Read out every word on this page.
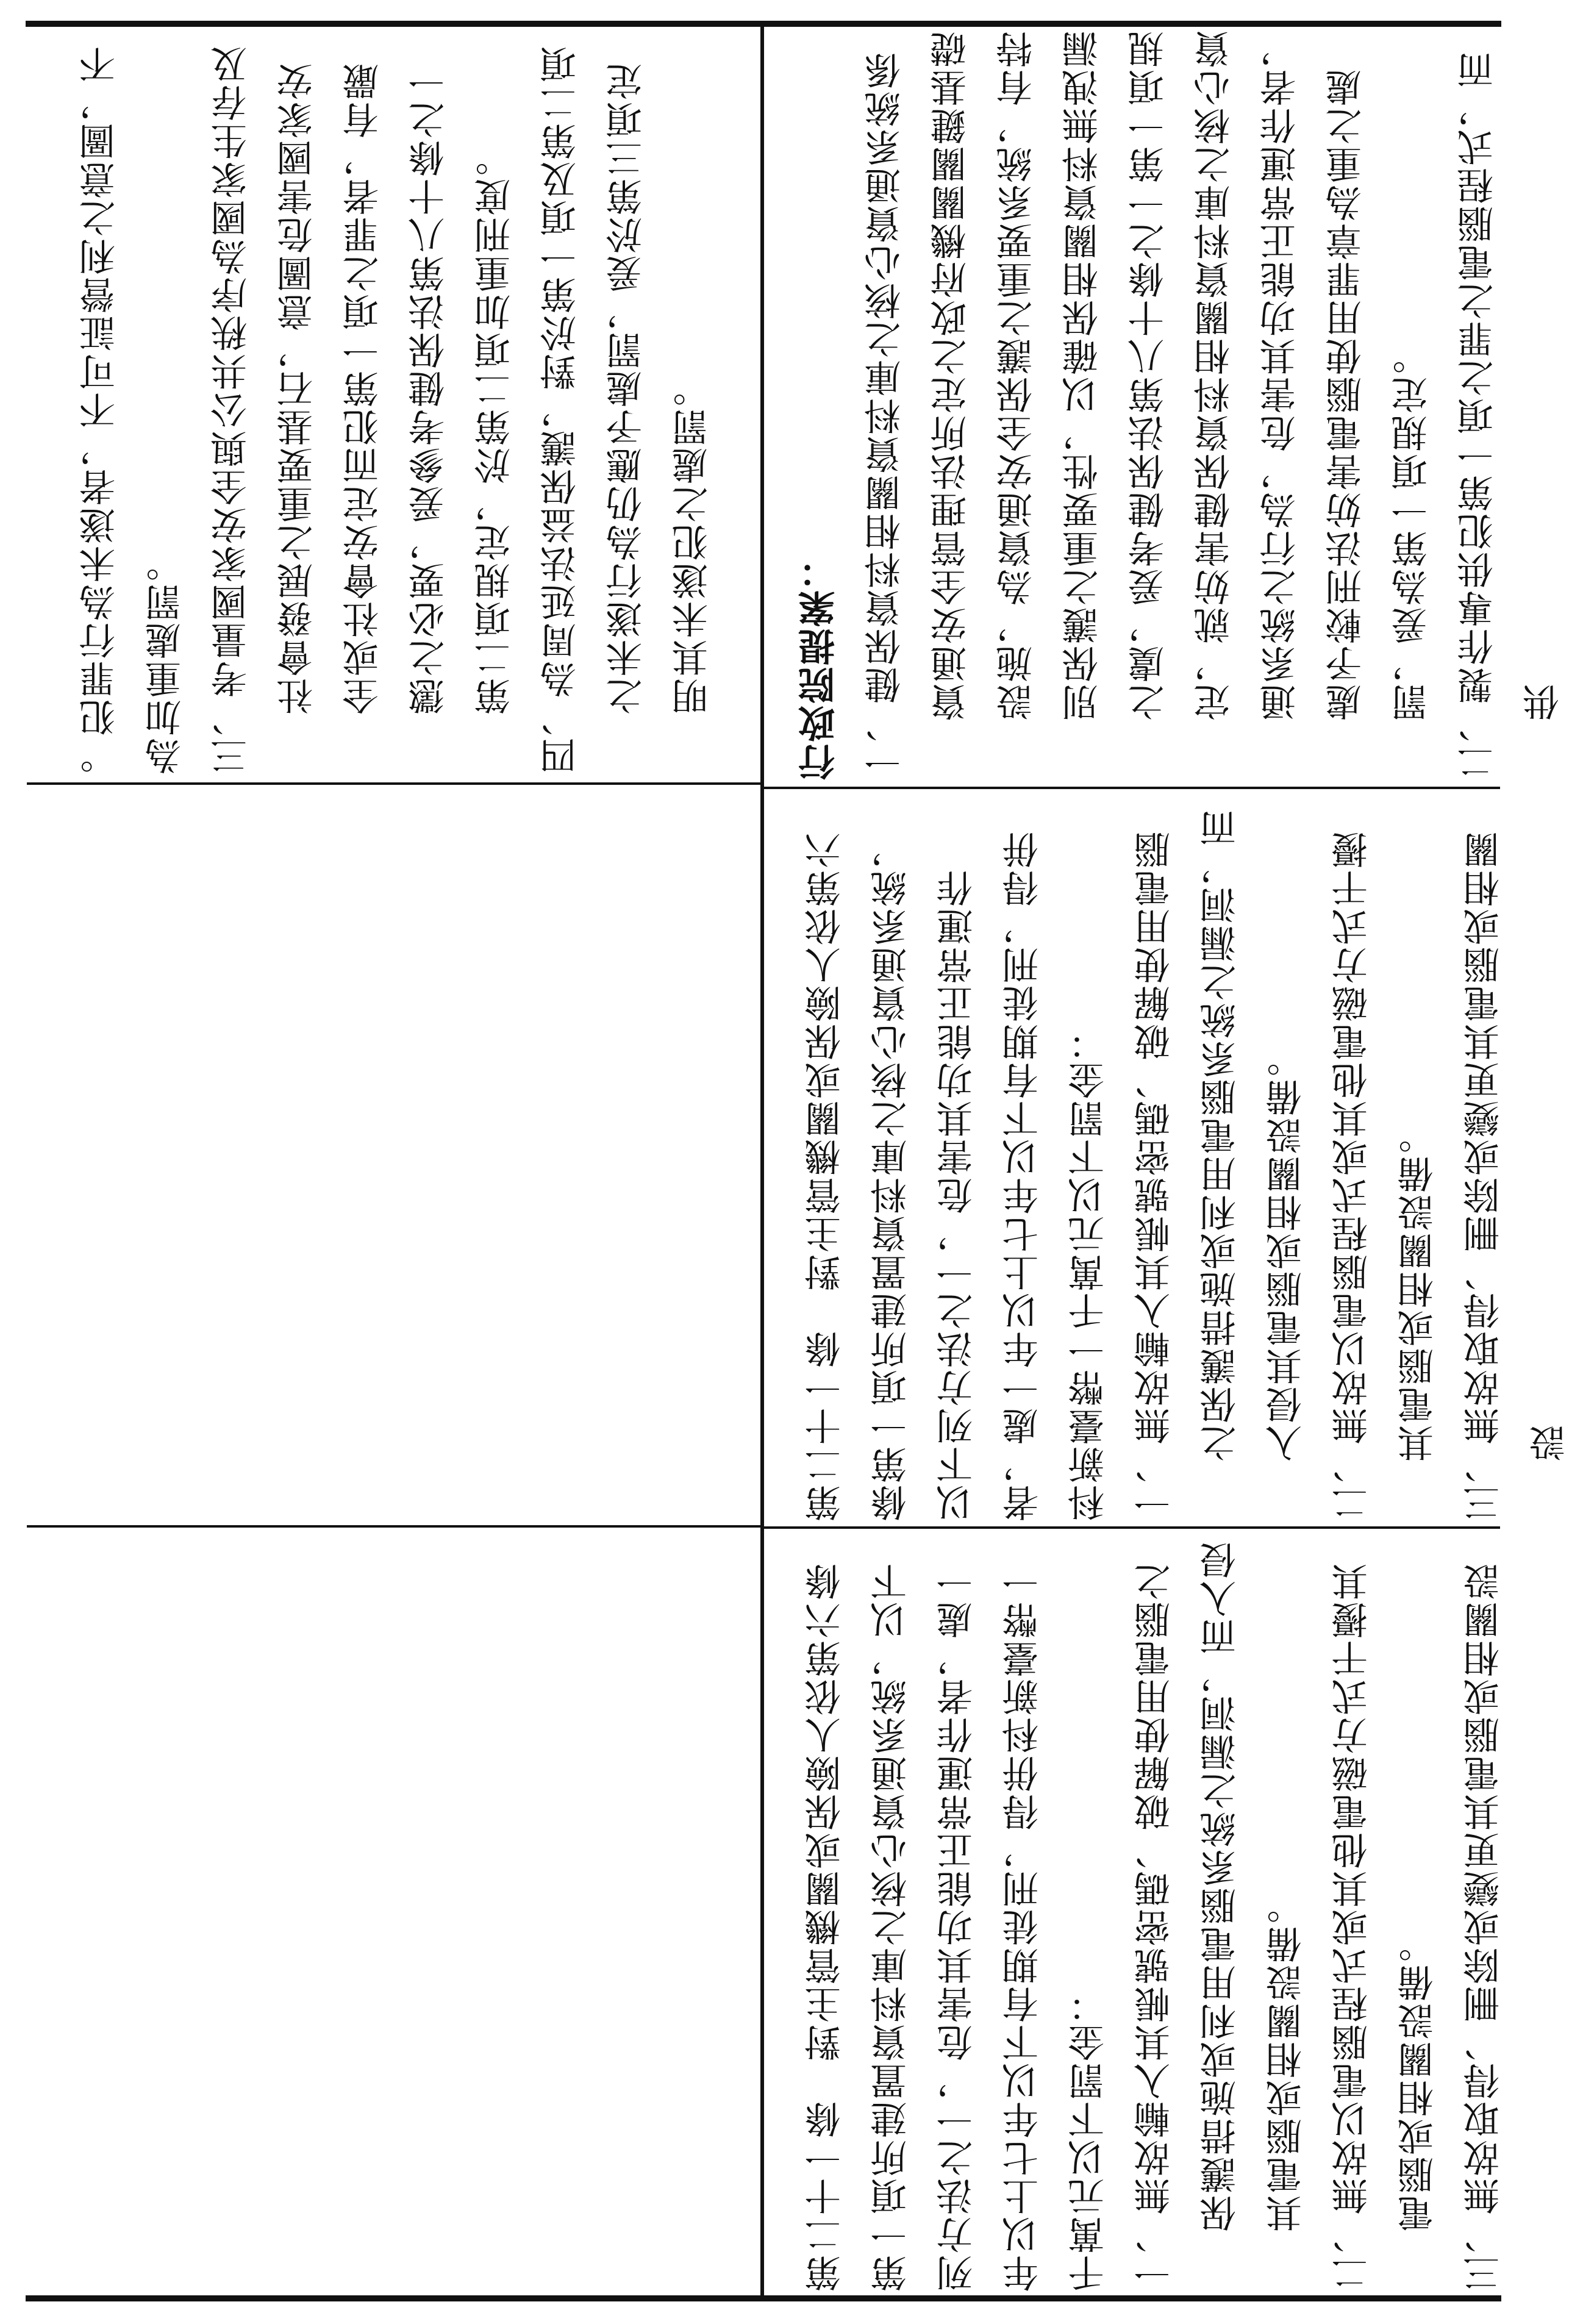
。犯罪行為未遂者，不可証營利之意圖，不為加重處罰。 三、考量國家安全與公共秩序為國家生存及社會發展之重要基石，意圖危害國家安全或社會安定而犯第一項之罪者，有嚴懲之必要，爰參考健保法第八十條之一第二項規定，於第二項加重刑度。 四、為周延法益保護，對於第一項及第二項之未遂行為仍應予處罰，爰於第三項定明其未遂犯之處罰。	行政院提案： 一、健保資料相關資料庫之核心資通系統係資通安全管理法所定之政府機關關鍵基礎設施，為資通安全保護之重要系統，有特別保護之重要性，以確保相關資料無洩漏之虞，爰考健保法第八十條之一第一項規定，就妨害健保資料相關資料庫之核心資通系統之行為，危害其功能正常運作者，處予較刑法妨害電腦使用罪章為重之處罰，爰為第一項規定。 二、製作專供犯第一項之罪之電腦程式，而供

第二十一條　對主管機關或保險人依第六條第一項所建置資料庫之核心資通系統，以下列方法之一，危害其功能正常運作者，處一年以上七年以下有期徒刑，得併科新臺幣一千萬元以下罰金： 一、無故輸入其帳號密碼、破解使用電腦之保護措施或利用電腦系統之漏洞，而入侵其電腦或相關設備。 二、無故以電腦程式或其他電磁方式干擾其電腦或相關設備。 三、無故取得、刪除或變更其電腦或相關設

第二十一條　對主管機關或保險人依第六條第一項所建置資料庫之核心資通系統，以下列方法之一，危害其功能正常運作者，處一年以上七年以下有期徒刑，得併科新臺幣一千萬元以下罰金： 一、無故輸入其帳號密碼、破解使用電腦之保護措施或利用電腦系統之漏洞，而入侵其電腦或相關設備。 二、無故以電腦程式或其他電磁方式干擾其電腦或相關設備。 三、無故取得、刪除或變更其電腦或相關設
